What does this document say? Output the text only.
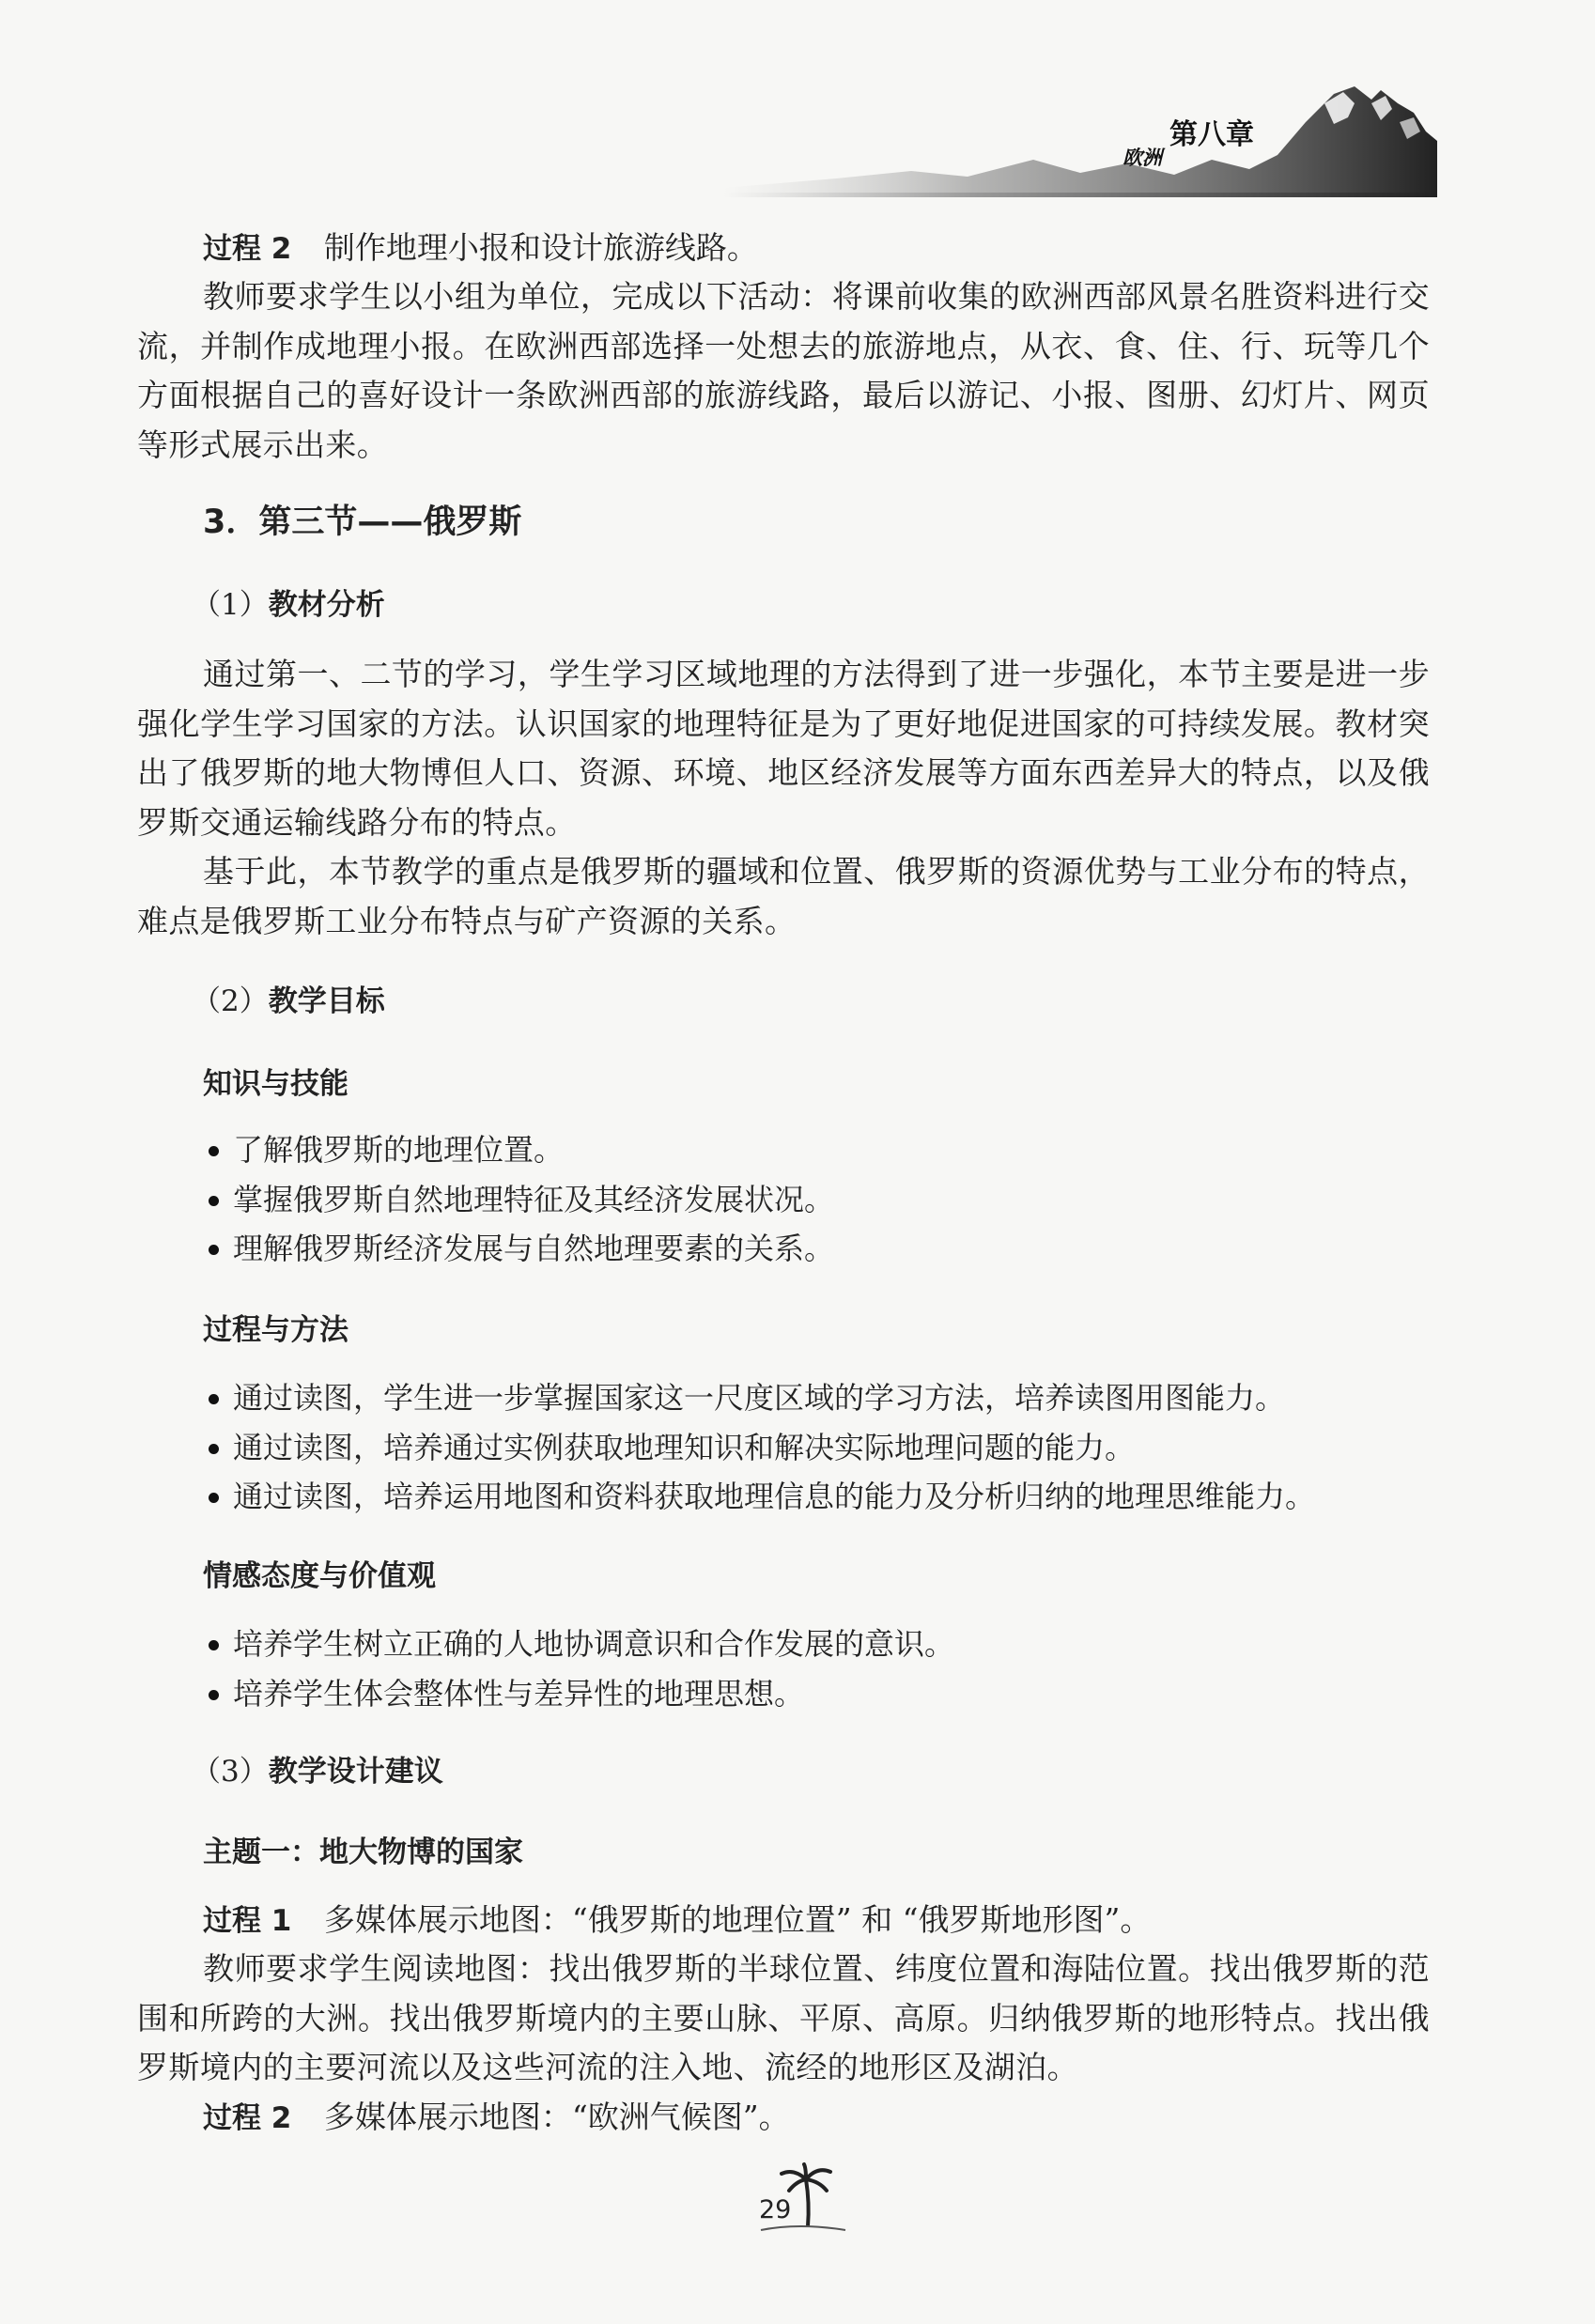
第八章
欧洲

过程 2 制作地理小报和设计旅游线路。

教师要求学生以小组为单位，完成以下活动：将课前收集的欧洲西部风景名胜资料进行交流，并制作成地理小报。在欧洲西部选择一处想去的旅游地点，从衣、食、住、行、玩等几个方面根据自己的喜好设计一条欧洲西部的旅游线路，最后以游记、小报、图册、幻灯片、网页等形式展示出来。

3．第三节——俄罗斯
（1）教材分析

通过第一、二节的学习，学生学习区域地理的方法得到了进一步强化，本节主要是进一步强化学生学习国家的方法。认识国家的地理特征是为了更好地促进国家的可持续发展。教材突出了俄罗斯的地大物博但人口、资源、环境、地区经济发展等方面东西差异大的特点，以及俄罗斯交通运输线路分布的特点。

基于此，本节教学的重点是俄罗斯的疆域和位置、俄罗斯的资源优势与工业分布的特点，难点是俄罗斯工业分布特点与矿产资源的关系。

（2）教学目标
知识与技能

了解俄罗斯的地理位置。

掌握俄罗斯自然地理特征及其经济发展状况。

理解俄罗斯经济发展与自然地理要素的关系。

过程与方法

通过读图，学生进一步掌握国家这一尺度区域的学习方法，培养读图用图能力。

通过读图，培养通过实例获取地理知识和解决实际地理问题的能力。

通过读图，培养运用地图和资料获取地理信息的能力及分析归纳的地理思维能力。

情感态度与价值观

培养学生树立正确的人地协调意识和合作发展的意识。

培养学生体会整体性与差异性的地理思想。

（3）教学设计建议
主题一：地大物博的国家

过程 1 多媒体展示地图：“俄罗斯的地理位置” 和 “俄罗斯地形图”。

教师要求学生阅读地图：找出俄罗斯的半球位置、纬度位置和海陆位置。找出俄罗斯的范围和所跨的大洲。找出俄罗斯境内的主要山脉、平原、高原。归纳俄罗斯的地形特点。找出俄罗斯境内的主要河流以及这些河流的注入地、流经的地形区及湖泊。

过程 2 多媒体展示地图：“欧洲气候图”。

29
